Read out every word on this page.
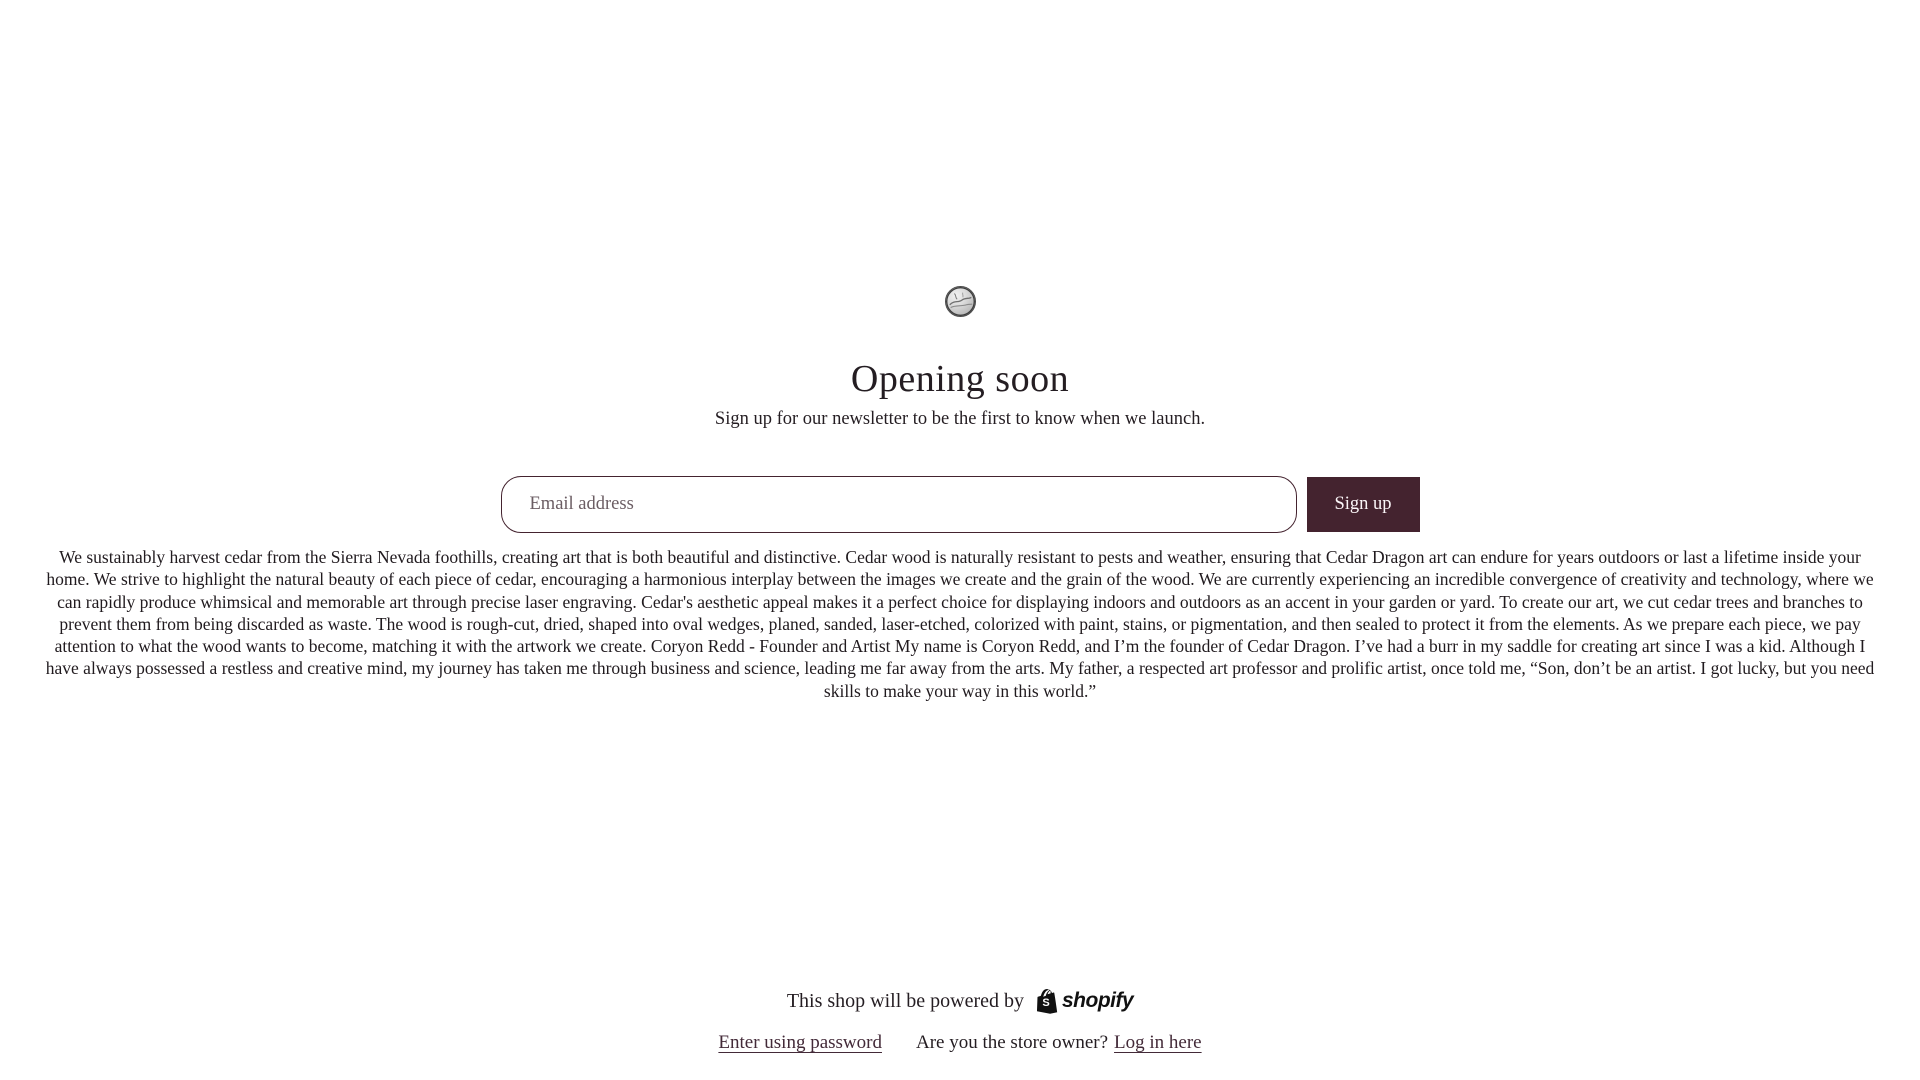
Opening soon

Sign up for our newsletter to be the first to know when we launch.

Email address
Sign up

We sustainably harvest cedar from the Sierra Nevada foothills, creating art that is both beautiful and distinctive. Cedar wood is naturally resistant to pests and weather, ensuring that Cedar Dragon art can endure for years outdoors or last a lifetime inside your home. We strive to highlight the natural beauty of each piece of cedar, encouraging a harmonious interplay between the images we create and the grain of the wood. We are currently experiencing an incredible convergence of creativity and technology, where we can rapidly produce whimsical and memorable art through precise laser engraving. Cedar's aesthetic appeal makes it a perfect choice for displaying indoors and outdoors as an accent in your garden or yard. To create our art, we cut cedar trees and branches to prevent them from being discarded as waste. The wood is rough-cut, dried, shaped into oval wedges, planed, sanded, laser-etched, colorized with paint, stains, or pigmentation, and then sealed to protect it from the elements. As we prepare each piece, we pay attention to what the wood wants to become, matching it with the artwork we create. Coryon Redd - Founder and Artist My name is Coryon Redd, and I’m the founder of Cedar Dragon. I’ve had a burr in my saddle for creating art since I was a kid. Although I have always possessed a restless and creative mind, my journey has taken me through business and science, leading me far away from the arts. My father, a respected art professor and prolific artist, once told me, “Son, don’t be an artist. I got lucky, but you need skills to make your way in this world.”

This shop will be powered by S shopify
Enter using password Are you the store owner? Log in here
